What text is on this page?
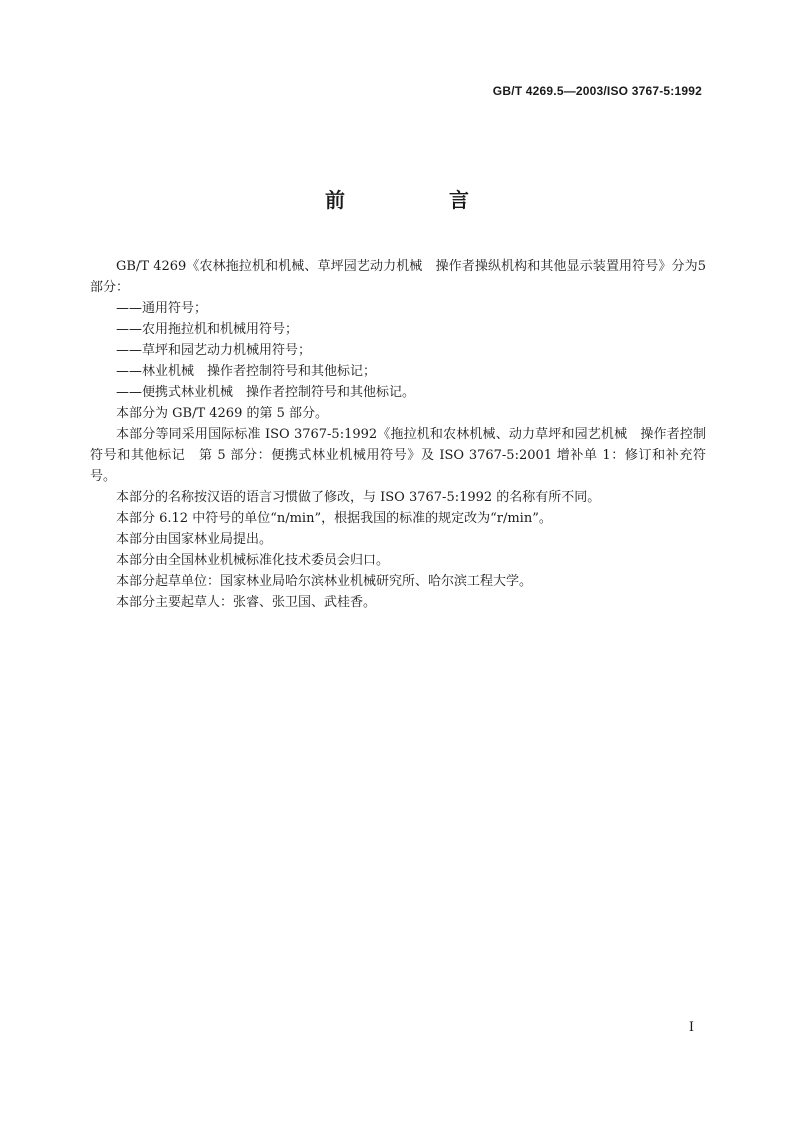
GB/T 4269.5—2003/ISO 3767-5:1992
前　言

GB/T 4269《农林拖拉机和机械、草坪园艺动力机械　操作者操纵机构和其他显示装置用符号》分为5部分：

——通用符号；

——农用拖拉机和机械用符号；

——草坪和园艺动力机械用符号；

——林业机械　操作者控制符号和其他标记；

——便携式林业机械　操作者控制符号和其他标记。

本部分为 GB/T 4269 的第 5 部分。

本部分等同采用国际标准 ISO 3767-5:1992《拖拉机和农林机械、动力草坪和园艺机械　操作者控制符号和其他标记　第 5 部分：便携式林业机械用符号》及 ISO 3767-5:2001 增补单 1：修订和补充符号。

本部分的名称按汉语的语言习惯做了修改，与 ISO 3767-5:1992 的名称有所不同。

本部分 6.12 中符号的单位“n/min”，根据我国的标准的规定改为“r/min”。

本部分由国家林业局提出。

本部分由全国林业机械标准化技术委员会归口。

本部分起草单位：国家林业局哈尔滨林业机械研究所、哈尔滨工程大学。

本部分主要起草人：张睿、张卫国、武桂香。

I
